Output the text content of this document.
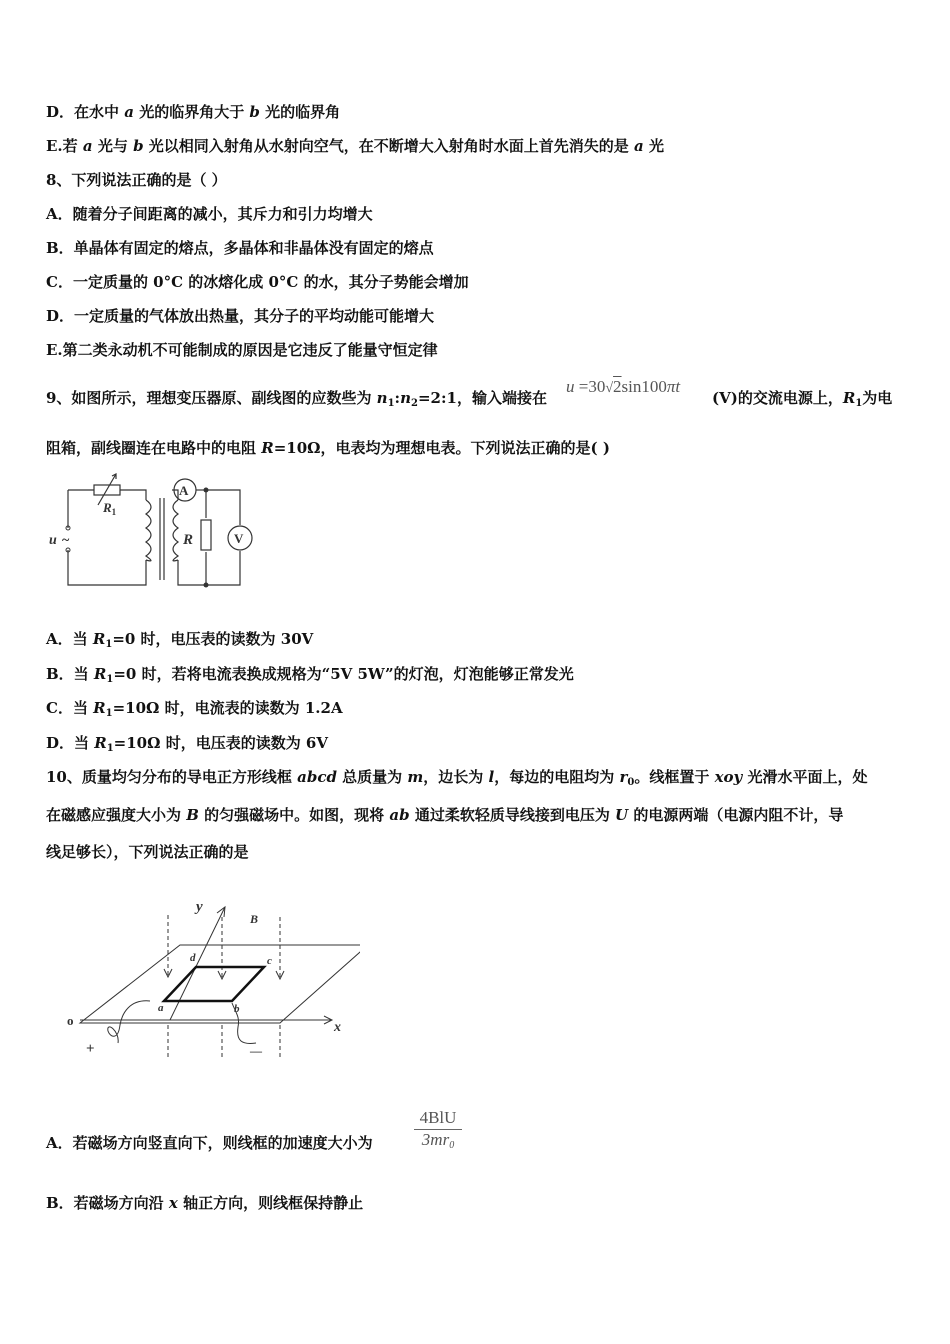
D．在水中 a 光的临界角大于 b 光的临界角
E.若 a 光与 b 光以相同入射角从水射向空气，在不断增大入射角时水面上首先消失的是 a 光
8、下列说法正确的是（ ）
A．随着分子间距离的减小，其斥力和引力均增大
B．单晶体有固定的熔点，多晶体和非晶体没有固定的熔点
C．一定质量的 0°C 的冰熔化成 0°C 的水，其分子势能会增加
D．一定质量的气体放出热量，其分子的平均动能可能增大
E.第二类永动机不可能制成的原因是它违反了能量守恒定律
9、如图所示，理想变压器原、副线图的应数些为 $n_1:n_2=2:1$，输入端接在
u =30√2sin100πt
(V)的交流电源上，$R_1$为电
阻箱，副线圈连在电路中的电阻 R=10Ω，电表均为理想电表。下列说法正确的是( )
$R_1$
u ~	R
A
V
A．当 $R_1=0$ 时，电压表的读数为 30V
B．当 $R_1=0$ 时，若将电流表换成规格为“5V 5W”的灯泡，灯泡能够正常发光
C．当 $R_1=10\Omega$ 时，电流表的读数为 1.2A
D．当 $R_1=10\Omega$ 时，电压表的读数为 6V
10、质量均匀分布的导电正方形线框 abcd 总质量为 m，边长为 l，每边的电阻均为 $r_0$。线框置于 xoy 光滑水平面上，处
在磁感应强度大小为 B 的匀强磁场中。如图，现将 ab 通过柔软轻质导线接到电压为 U 的电源两端（电源内阻不计，导
线足够长），下列说法正确的是
o	x
y
B
a	b
c
d
+	—
A．若磁场方向竖直向下，则线框的加速度大小为
4BlU
$3mr_0$
B．若磁场方向沿 x 轴正方向，则线框保持静止
